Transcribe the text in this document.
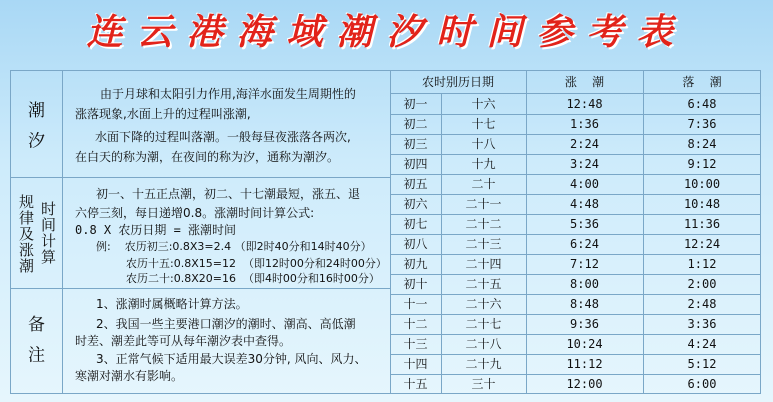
连云港海域潮汐时间参考表
潮 汐
由于月球和太阳引力作用,海洋水面发生周期性的
涨落现象,水面上升的过程叫涨潮,
水面下降的过程叫落潮。一般每昼夜涨落各两次,
在白天的称为潮，在夜间的称为汐，通称为潮汐。
规律及涨潮 时间计算
初一、十五正点潮，初二、十七潮最短，涨五、退
六停三刻，每日递增0.8。涨潮时间计算公式:
0.8 X 农历日期 = 涨潮时间
例:    农历初三:0.8X3=2.4 （即2时40分和14时40分）
农历十五:0.8X15=12  （即12时00分和24时00分）
农历二十:0.8X20=16  （即4时00分和16时00分）
备 注
1、涨潮时属概略计算方法。
2、我国一些主要港口潮汐的潮时、潮高、高低潮
时差、潮差此等可从每年潮汐表中查得。
3、正常气候下适用最大误差30分钟, 风向、风力、
寒潮对潮水有影响。
农时别历日期	涨    潮	落    潮
初一	十六	12:48	6:48
初二	十七	1:36	7:36
初三	十八	2:24	8:24
初四	十九	3:24	9:12
初五	二十	4:00	10:00
初六	二十一	4:48	10:48
初七	二十二	5:36	11:36
初八	二十三	6:24	12:24
初九	二十四	7:12	1:12
初十	二十五	8:00	2:00
十一	二十六	8:48	2:48
十二	二十七	9:36	3:36
十三	二十八	10:24	4:24
十四	二十九	11:12	5:12
十五	三十	12:00	6:00
